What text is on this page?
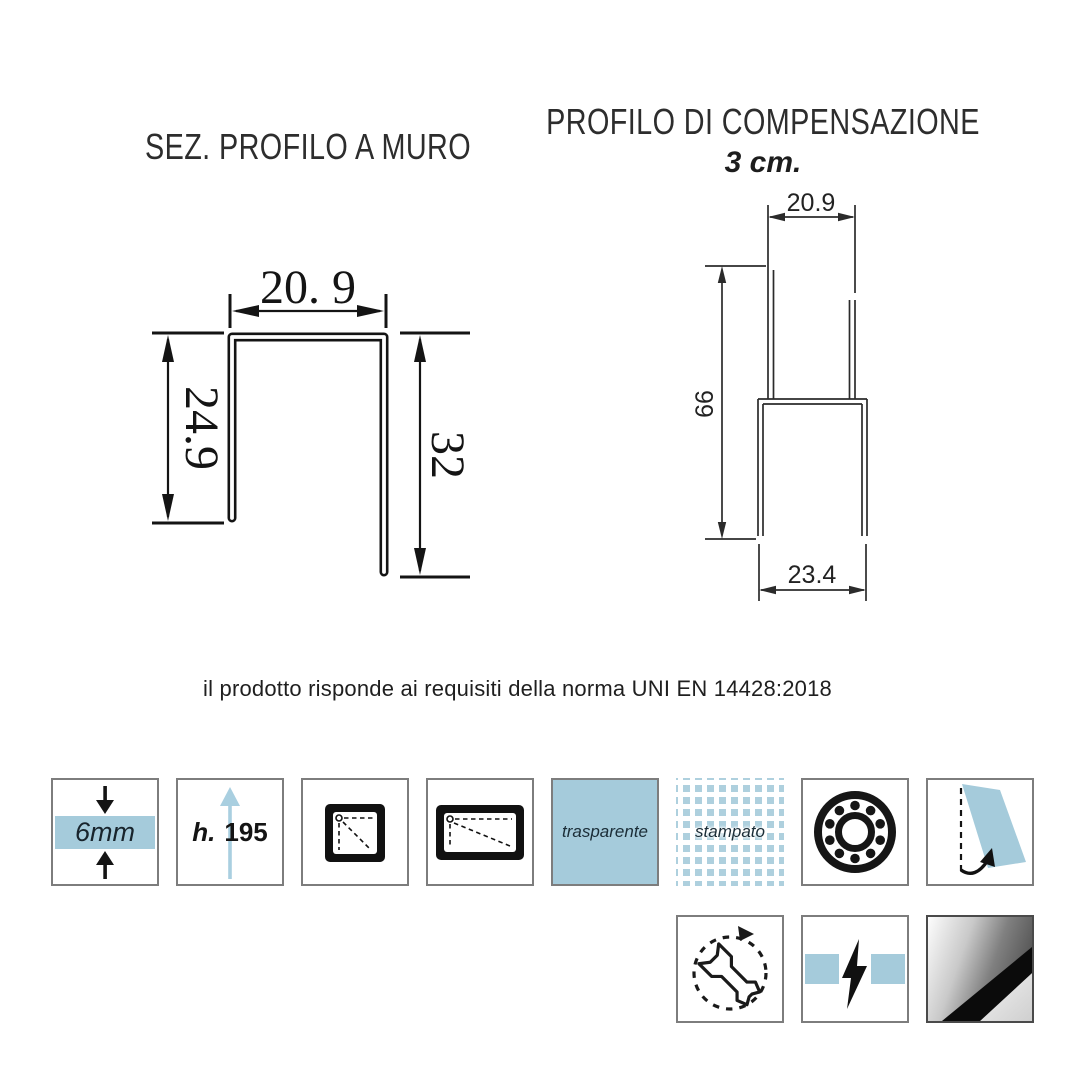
SEZ. PROFILO A MURO
PROFILO DI COMPENSAZIONE
3 cm.
20. 9
24.9	32
20.9
66
23.4
il prodotto risponde ai requisiti della norma UNI EN 14428:2018
6mm	h. 195	trasparente	stampato
